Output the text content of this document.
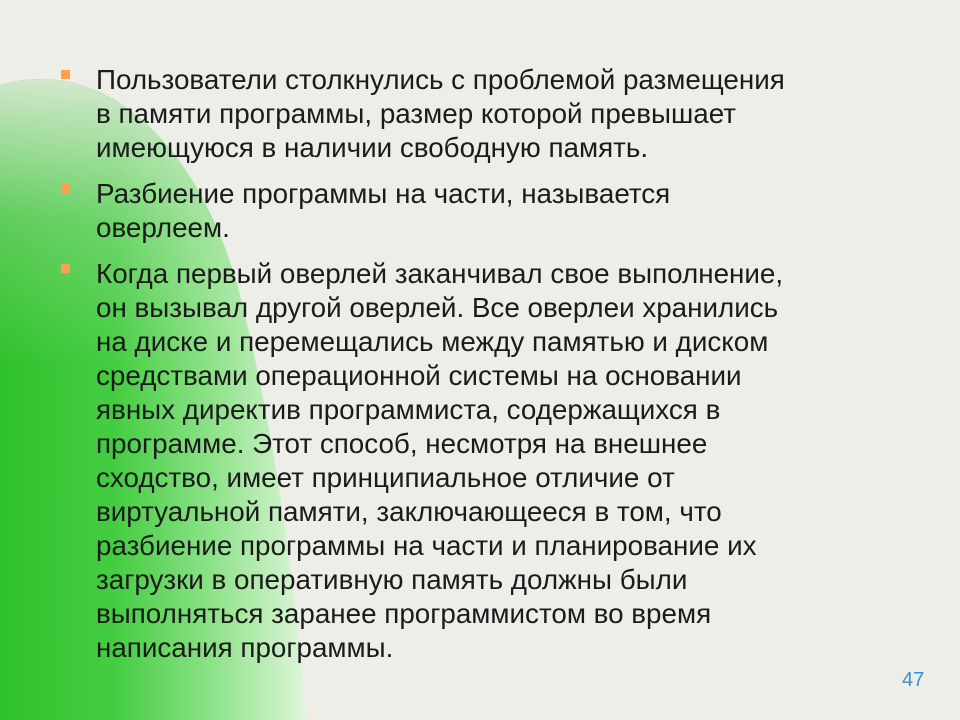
Пользователи столкнулись с проблемой размещения
в памяти программы, размер которой превышает
имеющуюся в наличии свободную память.
Разбиение программы на части, называется
оверлеем.
Когда первый оверлей заканчивал свое выполнение,
он вызывал другой оверлей. Все оверлеи хранились
на диске и перемещались между памятью и диском
средствами операционной системы на основании
явных директив программиста, содержащихся в
программе. Этот способ, несмотря на внешнее
сходство, имеет принципиальное отличие от
виртуальной памяти, заключающееся в том, что
разбиение программы на части и планирование их
загрузки в оперативную память должны были
выполняться заранее программистом во время
написания программы.
47
